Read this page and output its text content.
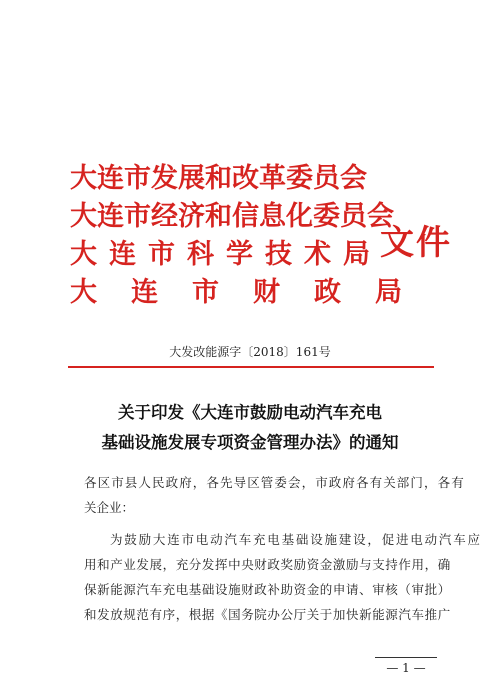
大连市发展和改革委员会
大连市经济和信息化委员会
大连市科学技术局
大连市财政局
文件
大发改能源字〔2018〕161号
关于印发《大连市鼓励电动汽车充电
基础设施发展专项资金管理办法》的通知
各区市县人民政府，各先导区管委会，市政府各有关部门，各有
关企业：
为鼓励大连市电动汽车充电基础设施建设，促进电动汽车应
用和产业发展，充分发挥中央财政奖励资金激励与支持作用，确
保新能源汽车充电基础设施财政补助资金的申请、审核（审批）
和发放规范有序，根据《国务院办公厅关于加快新能源汽车推广
— 1 —
